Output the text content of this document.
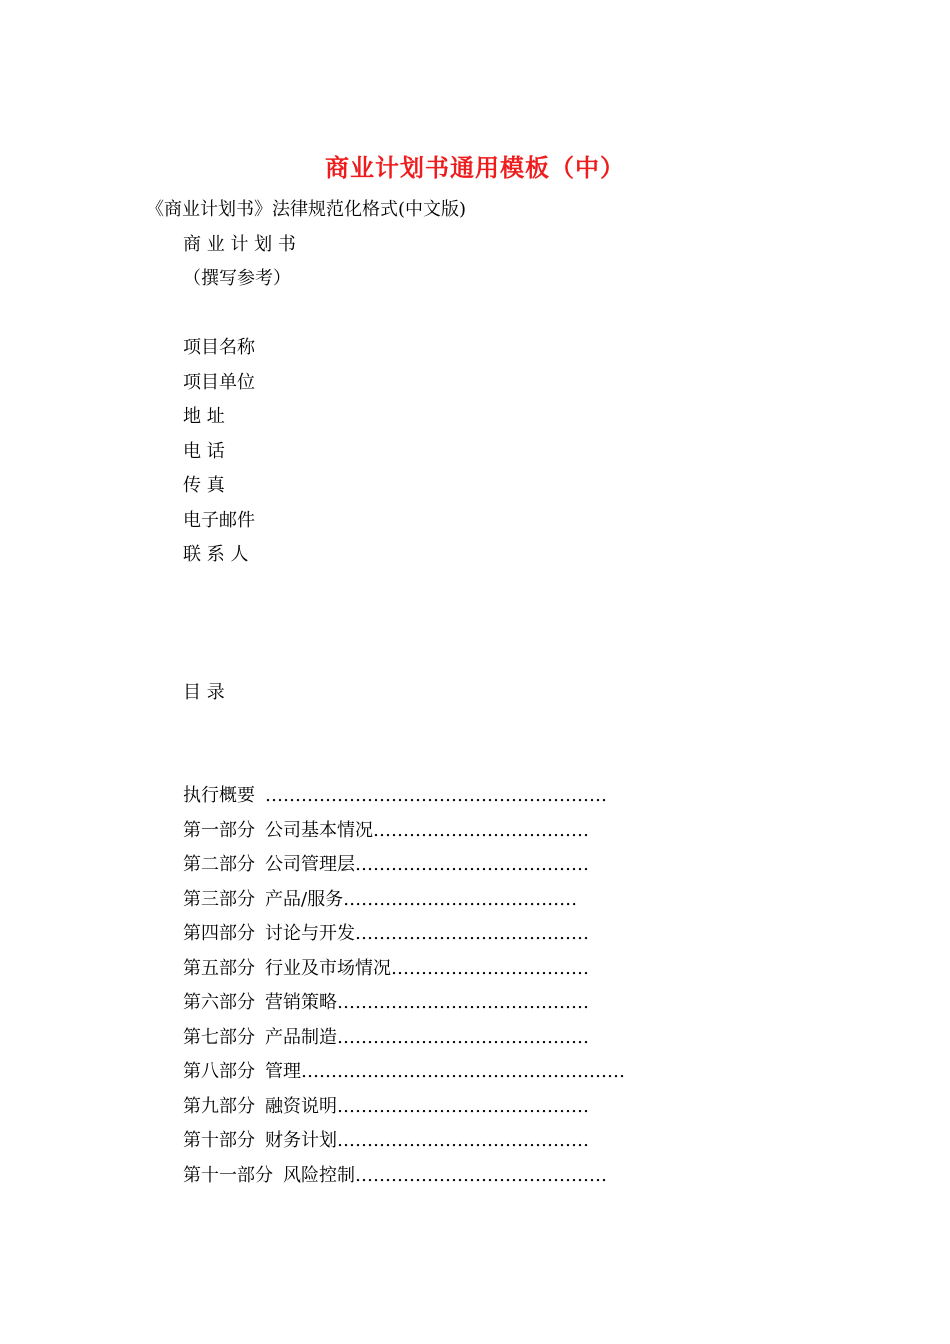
商业计划书通用模板（中）
《商业计划书》法律规范化格式(中文版)
商 业 计 划 书
（撰写参考）
项目名称
项目单位
地 址
电 话
传 真
电子邮件
联 系 人
目 录
执行概要 …………………………………………………
第一部分 公司基本情况………………………………
第二部分 公司管理层…………………………………
第三部分 产品/服务…………………………………
第四部分 讨论与开发…………………………………
第五部分 行业及市场情况……………………………
第六部分 营销策略……………………………………
第七部分 产品制造……………………………………
第八部分 管理………………………………………………
第九部分 融资说明……………………………………
第十部分 财务计划……………………………………
第十一部分 风险控制……………………………………
